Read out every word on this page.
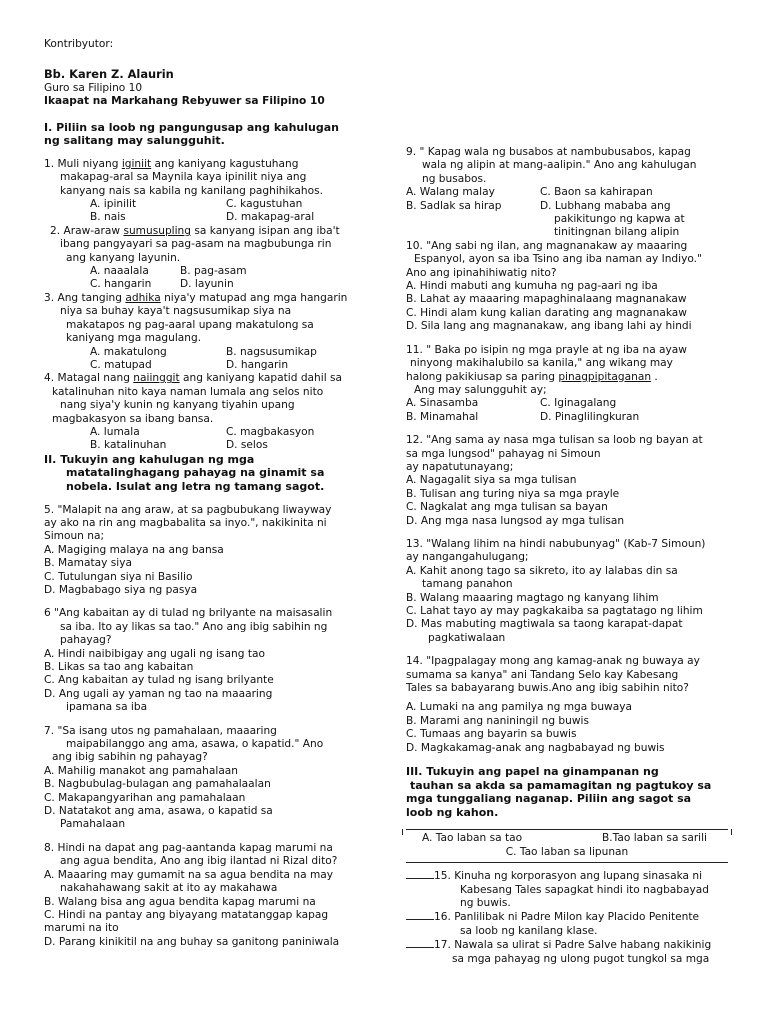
Kontribyutor:
Bb. Karen Z. Alaurin
Guro sa Filipino 10
Ikaapat na Markahang Rebyuwer sa Filipino 10
I. Piliin sa loob ng pangungusap ang kahulugan
ng salitang may salungguhit.
1. Muli niyang iginiit ang kaniyang kagustuhang
makapag-aral sa Maynila kaya ipinilit niya ang
kanyang nais sa kabila ng kanilang paghihikahos.
A. ipinilit	C. kagustuhan
B. nais	D. makapag-aral
2. Araw-araw sumusupling sa kanyang isipan ang iba't
ibang pangyayari sa pag-asam na magbubunga rin
ang kanyang layunin.
A. naaalala	B. pag-asam
C. hangarin	D. layunin
3. Ang tanging adhika niya'y matupad ang mga hangarin
niya sa buhay kaya't nagsusumikap siya na
makatapos ng pag-aaral upang makatulong sa
kaniyang mga magulang.
A. makatulong	B. nagsusumikap
C. matupad	D. hangarin
4. Matagal nang naiinggit ang kaniyang kapatid dahil sa
katalinuhan nito kaya naman lumala ang selos nito
nang siya'y kunin ng kanyang tiyahin upang
magbakasyon sa ibang bansa.
A. lumala	C. magbakasyon
B. katalinuhan	D. selos
II. Tukuyin ang kahulugan ng mga
matatalinghagang pahayag na ginamit sa
nobela. Isulat ang letra ng tamang sagot.
5. "Malapit na ang araw, at sa pagbubukang liwayway
ay ako na rin ang magbabalita sa inyo.", nakikinita ni
Simoun na;
A. Magiging malaya na ang bansa
B. Mamatay siya
C. Tutulungan siya ni Basilio
D. Magbabago siya ng pasya
6 "Ang kabaitan ay di tulad ng brilyante na maisasalin
sa iba. Ito ay likas sa tao." Ano ang ibig sabihin ng
pahayag?
A. Hindi naibibigay ang ugali ng isang tao
B. Likas sa tao ang kabaitan
C. Ang kabaitan ay tulad ng isang brilyante
D. Ang ugali ay yaman ng tao na maaaring
ipamana sa iba
7. "Sa isang utos ng pamahalaan, maaaring
maipabilanggo ang ama, asawa, o kapatid." Ano
ang ibig sabihin ng pahayag?
A. Mahilig manakot ang pamahalaan
B. Nagbubulag-bulagan ang pamahalaalan
C. Makapangyarihan ang pamahalaan
D. Natatakot ang ama, asawa, o kapatid sa
Pamahalaan
8. Hindi na dapat ang pag-aantanda kapag marumi na
ang agua bendita, Ano ang ibig ilantad ni Rizal dito?
A. Maaaring may gumamit na sa agua bendita na may
nakahahawang sakit at ito ay makahawa
B. Walang bisa ang agua bendita kapag marumi na
C. Hindi na pantay ang biyayang matatanggap kapag
marumi na ito
D. Parang kinikitil na ang buhay sa ganitong paniniwala
9. " Kapag wala ng busabos at nambubusabos, kapag
wala ng alipin at mang-aalipin." Ano ang kahulugan
ng busabos.
A. Walang malay	C. Baon sa kahirapan
B. Sadlak sa hirap	D. Lubhang mababa ang
pakikitungo ng kapwa at
tinitingnan bilang alipin
10. "Ang sabi ng ilan, ang magnanakaw ay maaaring
Espanyol, ayon sa iba Tsino ang iba naman ay Indiyo."
Ano ang ipinahihiwatig nito?
A. Hindi mabuti ang kumuha ng pag-aari ng iba
B. Lahat ay maaaring mapaghinalaang magnanakaw
C. Hindi alam kung kalian darating ang magnanakaw
D. Sila lang ang magnanakaw, ang ibang lahi ay hindi
11. " Baka po isipin ng mga prayle at ng iba na ayaw
ninyong makihalubilo sa kanila," ang wikang may
halong pakikiusap sa paring pinagpipitaganan .
Ang may salungguhit ay;
A. Sinasamba	C. Iginagalang
B. Minamahal	D. Pinaglilingkuran
12. "Ang sama ay nasa mga tulisan sa loob ng bayan at
sa mga lungsod" pahayag ni Simoun
ay napatutunayang;
A. Nagagalit siya sa mga tulisan
B. Tulisan ang turing niya sa mga prayle
C. Nagkalat ang mga tulisan sa bayan
D. Ang mga nasa lungsod ay mga tulisan
13. "Walang lihim na hindi nabubunyag" (Kab-7 Simoun)
ay nangangahulugang;
A. Kahit anong tago sa sikreto, ito ay lalabas din sa
tamang panahon
B. Walang maaaring magtago ng kanyang lihim
C. Lahat tayo ay may pagkakaiba sa pagtatago ng lihim
D. Mas mabuting magtiwala sa taong karapat-dapat
pagkatiwalaan
14. "Ipagpalagay mong ang kamag-anak ng buwaya ay
sumama sa kanya" ani Tandang Selo kay Kabesang
Tales sa babayarang buwis.Ano ang ibig sabihin nito?
A. Lumaki na ang pamilya ng mga buwaya
B. Marami ang naniningil ng buwis
C. Tumaas ang bayarin sa buwis
D. Magkakamag-anak ang nagbabayad ng buwis
III. Tukuyin ang papel na ginampanan ng
tauhan sa akda sa pamamagitan ng pagtukoy sa
mga tunggaliang naganap. Piliin ang sagot sa
loob ng kahon.
A. Tao laban sa tao	B.Tao laban sa sarili
C. Tao laban sa lipunan
15. Kinuha ng korporasyon ang lupang sinasaka ni
Kabesang Tales sapagkat hindi ito nagbabayad
ng buwis.
16. Panlilibak ni Padre Milon kay Placido Penitente
sa loob ng kanilang klase.
17. Nawala sa ulirat si Padre Salve habang nakikinig
sa mga pahayag ng ulong pugot tungkol sa mga
